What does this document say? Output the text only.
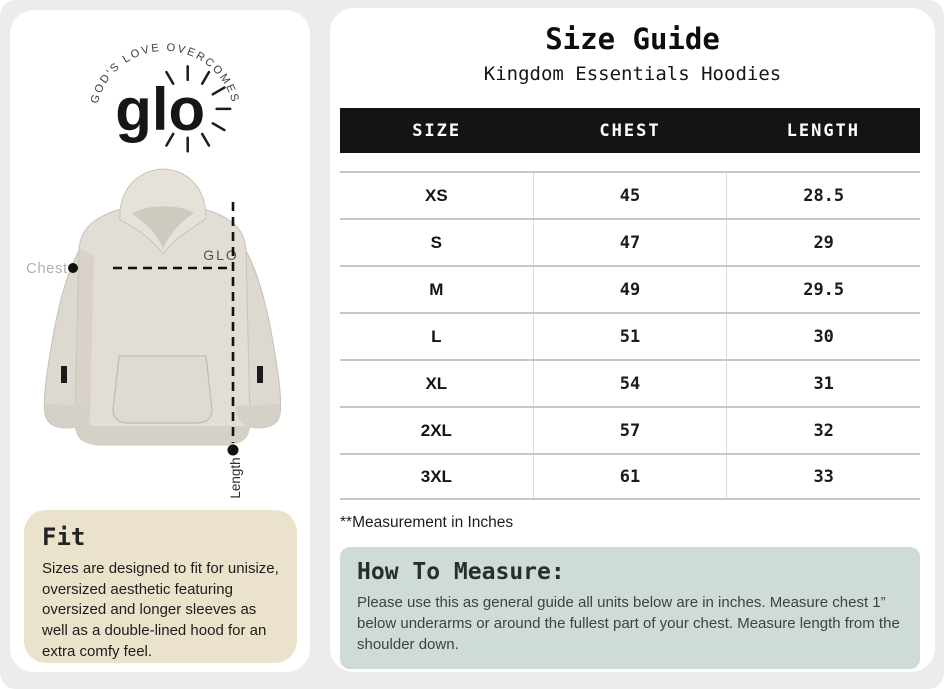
GOD'S LOVE OVERCOMES
glo
GLO
Chest
Length
Fit
Sizes are designed to fit for unisize, oversized aesthetic featuring oversized and longer sleeves as well as a double-lined hood for an extra comfy feel.
Size Guide
Kingdom Essentials Hoodies
SIZE	CHEST	LENGTH
XS	45	28.5
S	47	29
M	49	29.5
L	51	30
XL	54	31
2XL	57	32
3XL	61	33
**Measurement in Inches
How To Measure:
Please use this as general guide all units below are in inches. Measure chest 1” below underarms or around the fullest part of your chest. Measure length from the shoulder down.
